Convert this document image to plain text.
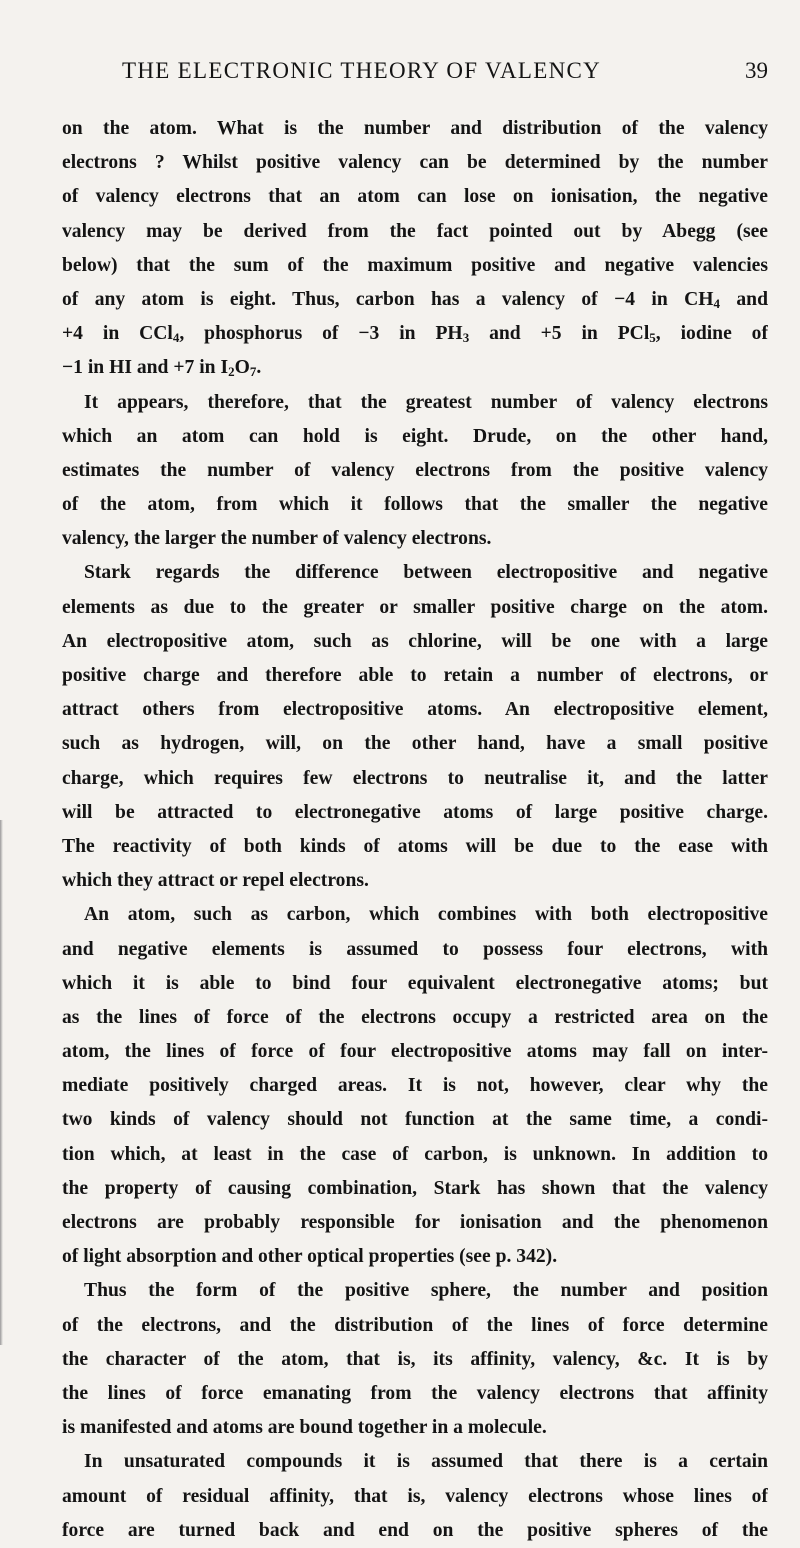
THE ELECTRONIC THEORY OF VALENCY	39
on the atom. What is the number and distribution of the valency
electrons ? Whilst positive valency can be determined by the number
of valency electrons that an atom can lose on ionisation, the negative
valency may be derived from the fact pointed out by Abegg (see
below) that the sum of the maximum positive and negative valencies
of any atom is eight. Thus, carbon has a valency of −4 in $CH_4$ and
+4 in CCl$_4$, phosphorus of −3 in $PH_3$ and +5 in PCl$_5$, iodine of
−1 in HI and +7 in $I_2O_7$.
It appears, therefore, that the greatest number of valency electrons
which an atom can hold is eight. Drude, on the other hand,
estimates the number of valency electrons from the positive valency
of the atom, from which it follows that the smaller the negative
valency, the larger the number of valency electrons.
Stark regards the difference between electropositive and negative
elements as due to the greater or smaller positive charge on the atom.
An electropositive atom, such as chlorine, will be one with a large
positive charge and therefore able to retain a number of electrons, or
attract others from electropositive atoms. An electropositive element,
such as hydrogen, will, on the other hand, have a small positive
charge, which requires few electrons to neutralise it, and the latter
will be attracted to electronegative atoms of large positive charge.
The reactivity of both kinds of atoms will be due to the ease with
which they attract or repel electrons.
An atom, such as carbon, which combines with both electropositive
and negative elements is assumed to possess four electrons, with
which it is able to bind four equivalent electronegative atoms; but
as the lines of force of the electrons occupy a restricted area on the
atom, the lines of force of four electropositive atoms may fall on inter-
mediate positively charged areas. It is not, however, clear why the
two kinds of valency should not function at the same time, a condi-
tion which, at least in the case of carbon, is unknown. In addition to
the property of causing combination, Stark has shown that the valency
electrons are probably responsible for ionisation and the phenomenon
of light absorption and other optical properties (see p. 342).
Thus the form of the positive sphere, the number and position
of the electrons, and the distribution of the lines of force determine
the character of the atom, that is, its affinity, valency, &c. It is by
the lines of force emanating from the valency electrons that affinity
is manifested and atoms are bound together in a molecule.
In unsaturated compounds it is assumed that there is a certain
amount of residual affinity, that is, valency electrons whose lines of
force are turned back and end on the positive spheres of the
